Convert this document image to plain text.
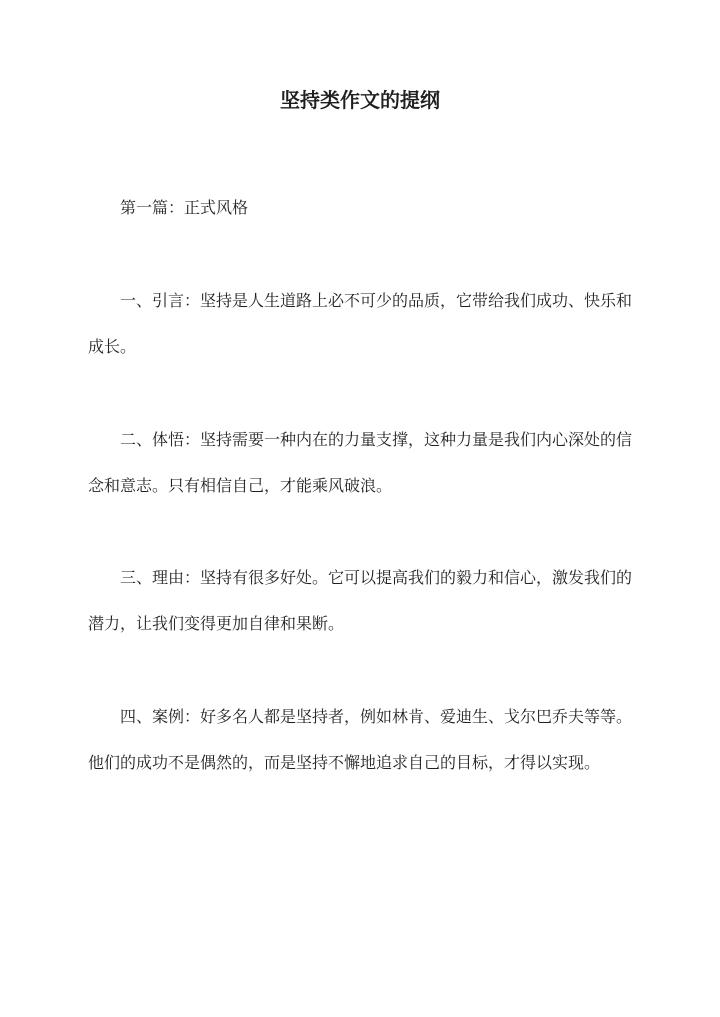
坚持类作文的提纲
第一篇：正式风格
一、引言：坚持是人生道路上必不可少的品质，它带给我们成功、快乐和成长。
二、体悟：坚持需要一种内在的力量支撑，这种力量是我们内心深处的信念和意志。只有相信自己，才能乘风破浪。
三、理由：坚持有很多好处。它可以提高我们的毅力和信心，激发我们的潜力，让我们变得更加自律和果断。
四、案例：好多名人都是坚持者，例如林肯、爱迪生、戈尔巴乔夫等等。他们的成功不是偶然的，而是坚持不懈地追求自己的目标，才得以实现。
